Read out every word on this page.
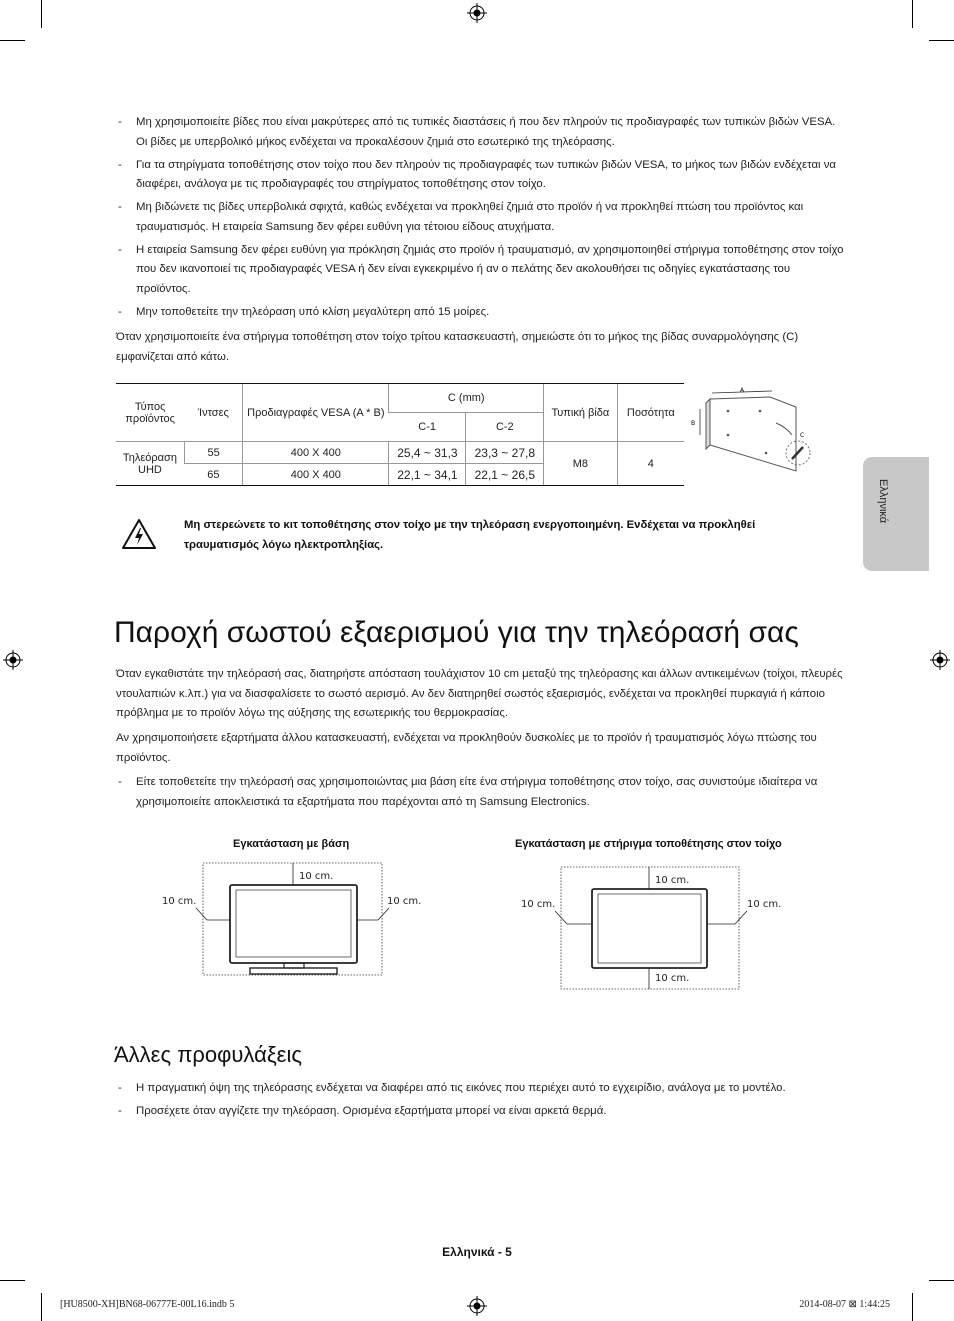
- Μη χρησιμοποιείτε βίδες που είναι μακρύτερες από τις τυπικές διαστάσεις ή που δεν πληρούν τις προδιαγραφές των τυπικών βιδών VESA. Οι βίδες με υπερβολικό μήκος ενδέχεται να προκαλέσουν ζημιά στο εσωτερικό της τηλεόρασης.
- Για τα στηρίγματα τοποθέτησης στον τοίχο που δεν πληρούν τις προδιαγραφές των τυπικών βιδών VESA, το μήκος των βιδών ενδέχεται να διαφέρει, ανάλογα με τις προδιαγραφές του στηρίγματος τοποθέτησης στον τοίχο.
- Μη βιδώνετε τις βίδες υπερβολικά σφιχτά, καθώς ενδέχεται να προκληθεί ζημιά στο προϊόν ή να προκληθεί πτώση του προϊόντος και τραυματισμός. Η εταιρεία Samsung δεν φέρει ευθύνη για τέτοιου είδους ατυχήματα.
- Η εταιρεία Samsung δεν φέρει ευθύνη για πρόκληση ζημιάς στο προϊόν ή τραυματισμό, αν χρησιμοποιηθεί στήριγμα τοποθέτησης στον τοίχο που δεν ικανοποιεί τις προδιαγραφές VESA ή δεν είναι εγκεκριμένο ή αν ο πελάτης δεν ακολουθήσει τις οδηγίες εγκατάστασης του προϊόντος.
- Μην τοποθετείτε την τηλεόραση υπό κλίση μεγαλύτερη από 15 μοίρες.

Όταν χρησιμοποιείτε ένα στήριγμα τοποθέτηση στον τοίχο τρίτου κατασκευαστή, σημειώστε ότι το μήκος της βίδας συναρμολόγησης (C) εμφανίζεται από κάτω.

Τύπος προϊόντος	Ίντσες	Προδιαγραφές VESA (A * B)	C (mm)		Τυπική βίδα	Ποσότητα
			C-1	C-2		
Τηλεόραση UHD	55	400 X 400	25,4 ~ 31,3	23,3 ~ 27,8	M8	4
	65	400 X 400	22,1 ~ 34,1	22,1 ~ 26,5		
A
B
C
Μη στερεώνετε το κιτ τοποθέτησης στον τοίχο με την τηλεόραση ενεργοποιημένη. Ενδέχεται να προκληθεί τραυματισμός λόγω ηλεκτροπληξίας.
Παροχή σωστού εξαερισμού για την τηλεόρασή σας

Όταν εγκαθιστάτε την τηλεόρασή σας, διατηρήστε απόσταση τουλάχιστον 10 cm μεταξύ της τηλεόρασης και άλλων αντικειμένων (τοίχοι, πλευρές ντουλαπιών κ.λπ.) για να διασφαλίσετε το σωστό αερισμό. Αν δεν διατηρηθεί σωστός εξαερισμός, ενδέχεται να προκληθεί πυρκαγιά ή κάποιο πρόβλημα με το προϊόν λόγω της αύξησης της εσωτερικής του θερμοκρασίας.

Αν χρησιμοποιήσετε εξαρτήματα άλλου κατασκευαστή, ενδέχεται να προκληθούν δυσκολίες με το προϊόν ή τραυματισμός λόγω πτώσης του προϊόντος.

- Είτε τοποθετείτε την τηλεόρασή σας χρησιμοποιώντας μια βάση είτε ένα στήριγμα τοποθέτησης στον τοίχο, σας συνιστούμε ιδιαίτερα να χρησιμοποιείτε αποκλειστικά τα εξαρτήματα που παρέχονται από τη Samsung Electronics.
Εγκατάσταση με βάση	Εγκατάσταση με στήριγμα τοποθέτησης στον τοίχο
10 cm.
10 cm.	10 cm.
10 cm.
10 cm.
10 cm.	10 cm.
Άλλες προφυλάξεις
- Η πραγματική όψη της τηλεόρασης ενδέχεται να διαφέρει από τις εικόνες που περιέχει αυτό το εγχειρίδιο, ανάλογα με το μοντέλο.
- Προσέχετε όταν αγγίζετε την τηλεόραση. Ορισμένα εξαρτήματα μπορεί να είναι αρκετά θερμά.
Ελληνικά
Ελληνικά - 5
[HU8500-XH]BN68-06777E-00L16.indb 5	2014-08-07 ⊠ 1:44:25
